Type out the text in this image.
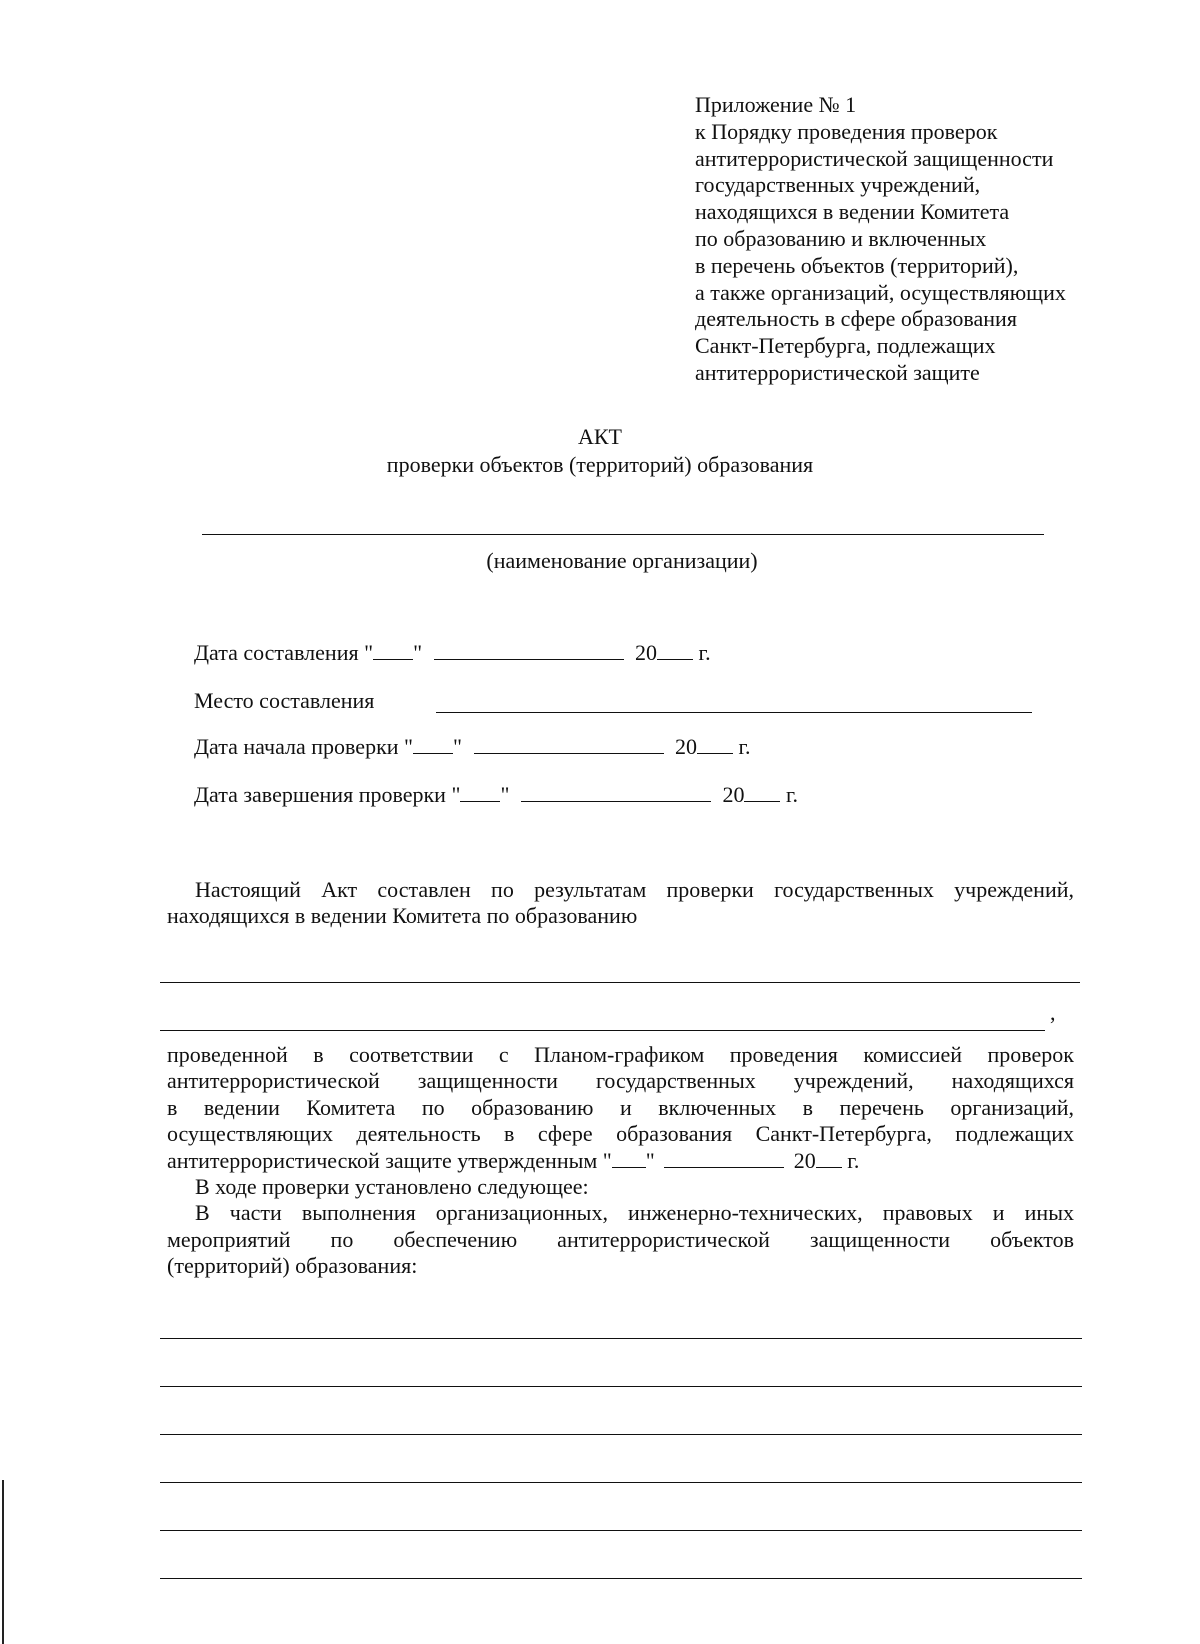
Приложение № 1
к Порядку проведения проверок
антитеррористической защищенности
государственных учреждений,
находящихся в ведении Комитета
по образованию и включенных
в перечень объектов (территорий),
а также организаций, осуществляющих
деятельность в сфере образования
Санкт-Петербурга, подлежащих
антитеррористической защите
АКТ
проверки объектов (территорий) образования
(наименование организации)
Дата составления " "	20 г.
Место составления
Дата начала проверки " "	20 г.
Дата завершения проверки " "	20 г.
Настоящий Акт составлен по результатам проверки государственных учреждений,
находящихся в ведении Комитета по образованию
,
проведенной в соответствии с Планом-графиком проведения комиссией проверок
антитеррористической защищенности государственных учреждений, находящихся
в ведении Комитета по образованию и включенных в перечень организаций,
осуществляющих деятельность в сфере образования Санкт-Петербурга, подлежащих
антитеррористической защите утвержденным " "	20 г.
В ходе проверки установлено следующее:
В части выполнения организационных, инженерно-технических, правовых и иных
мероприятий по обеспечению антитеррористической защищенности объектов
(территорий) образования:
